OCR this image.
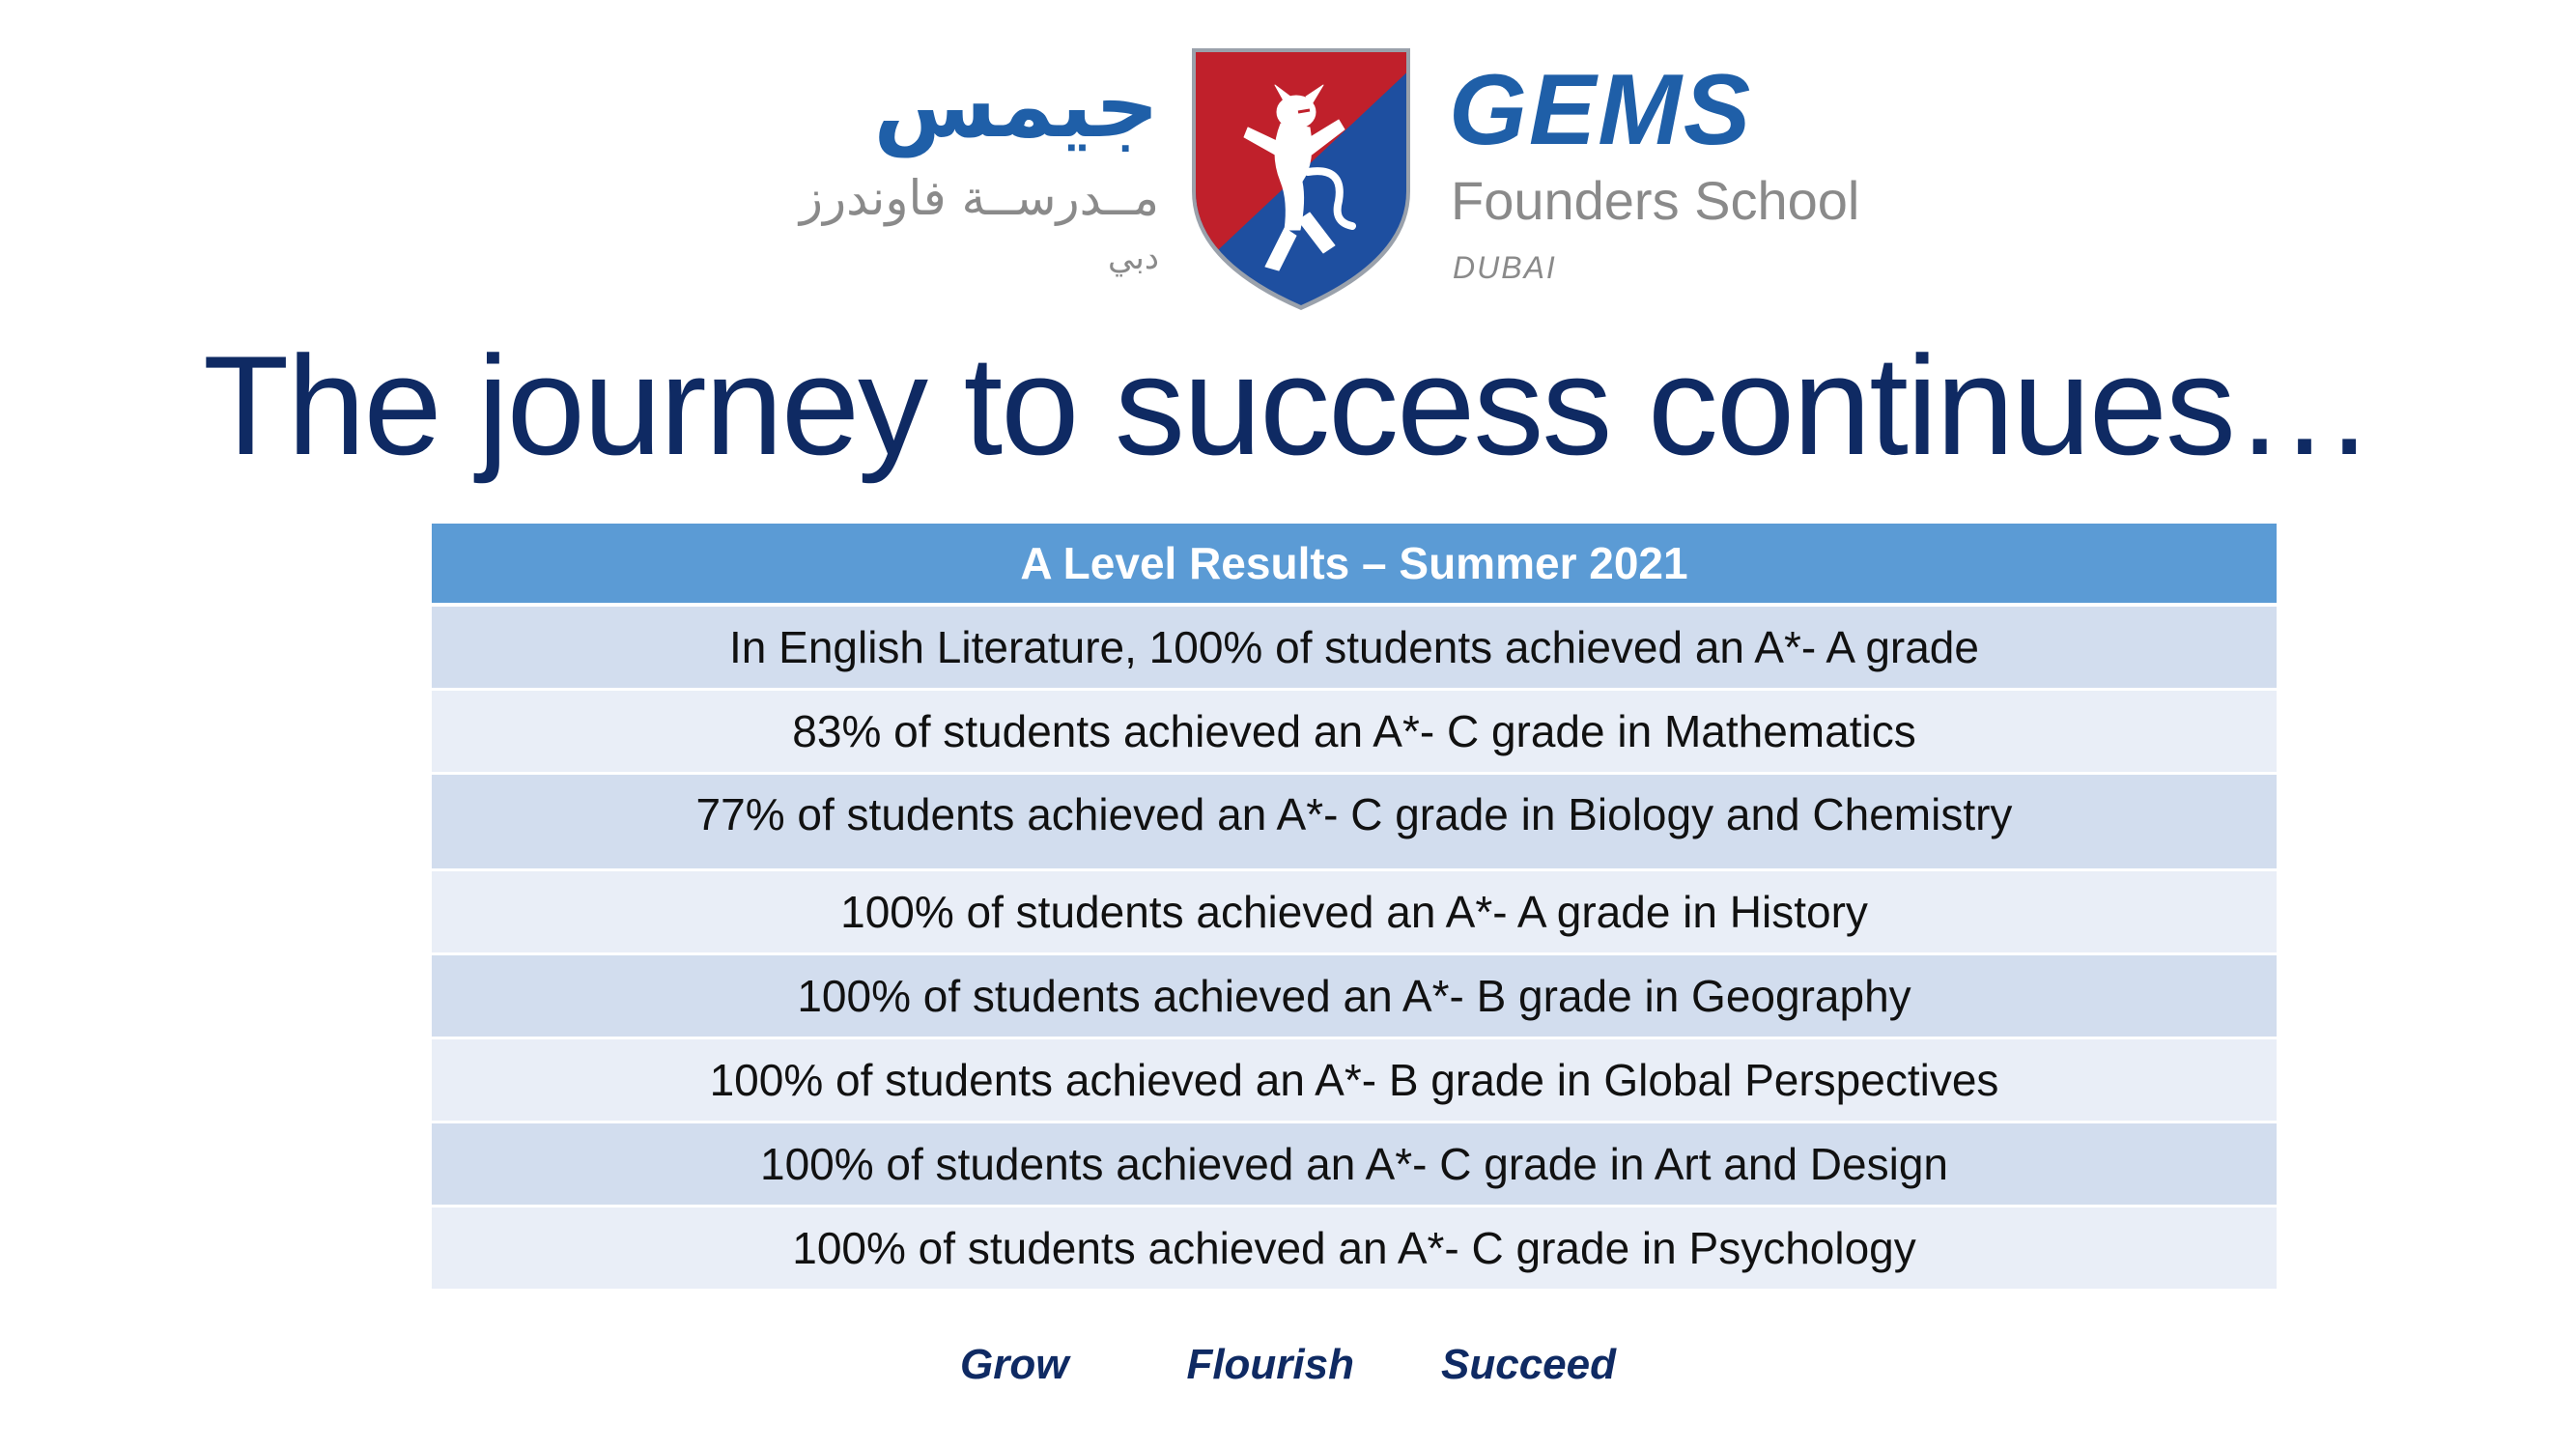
جيمس
مــدرســة فاوندرز
دبي
GEMS
Founders School
DUBAI
The journey to success continues…
A Level Results – Summer 2021
In English Literature, 100% of students achieved an A*- A grade
83% of students achieved an A*- C grade in Mathematics
77% of students achieved an A*- C grade in Biology and Chemistry
100% of students achieved an A*- A grade in History
100% of students achieved an A*- B grade in Geography
100% of students achieved an A*- B grade in Global Perspectives
100% of students achieved an A*- C grade in Art and Design
100% of students achieved an A*- C grade in Psychology
Grow	Flourish Succeed
